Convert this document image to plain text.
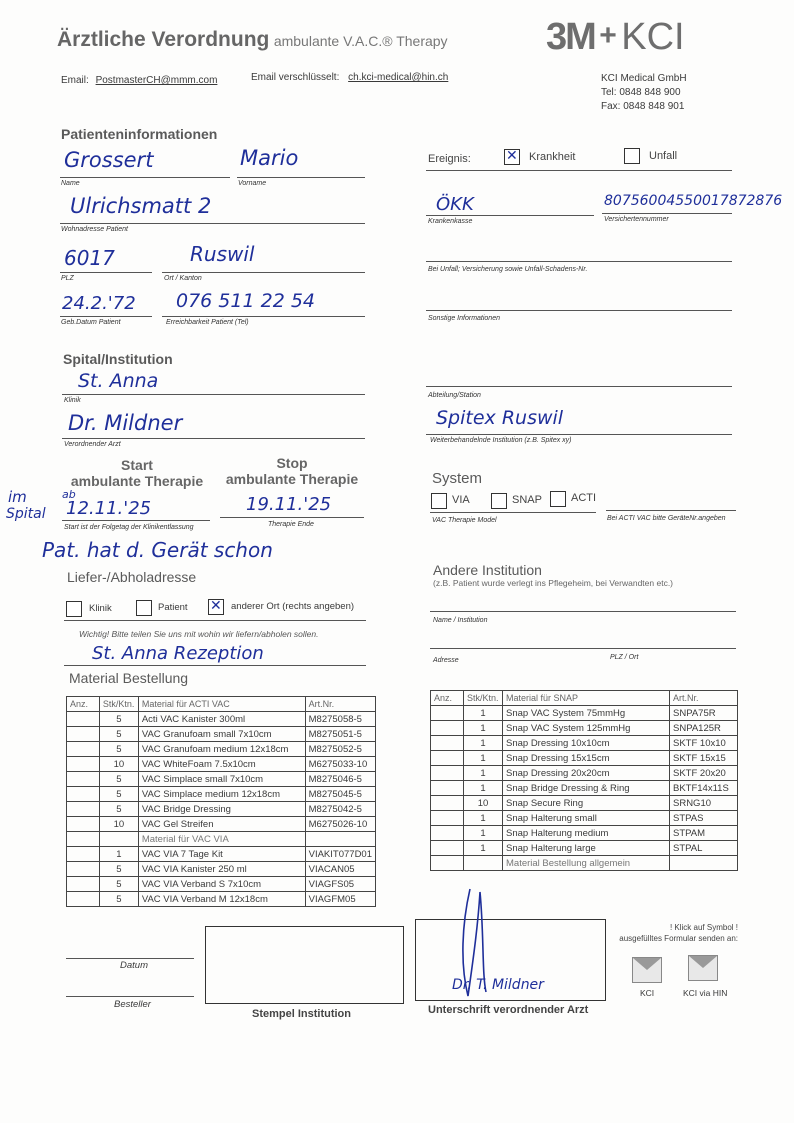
Ärztliche Verordnung ambulante V.A.C.® Therapy	3M + KCI
Email: PostmasterCH@mmm.com	Email verschlüsselt: ch.kci-medical@hin.ch	KCI Medical GmbH
Tel: 0848 848 900
Fax: 0848 848 901
Patienteninformationen
Grossert
Name
Mario
Vorname
Ulrichsmatt 2
Wohnadresse Patient
6017
PLZ
Ruswil
Ort / Kanton
24.2.'72
Geb.Datum Patient
076 511 22 54
Erreichbarkeit Patient (Tel)
Ereignis: ✕	Krankheit	Unfall
ÖKK
Krankenkasse
80756004550017872876
Versichertennummer
Bei Unfall; Versicherung sowie Unfall-Schadens-Nr.
Sonstige Informationen
Spital/Institution
St. Anna
Klinik
Dr. Mildner
Verordnender Arzt
Abteilung/Station
Spitex Ruswil
Weiterbehandelnde Institution (z.B. Spitex xy)
Start
ambulante Therapie
Stop
ambulante Therapie
im
Spital
ab
12.11.'25
Start ist der Folgetag der Klinikentlassung
19.11.'25
Therapie Ende
Pat. hat d. Gerät schon
System
VIA	SNAP	ACTI
VAC Therapie Model	Bei ACTI VAC bitte GeräteNr.angeben
Liefer-/Abholadresse
Klinik	Patient ✕	anderer Ort (rechts angeben)
Wichtig! Bitte teilen Sie uns mit wohin wir liefern/abholen sollen.
St. Anna Rezeption
Andere Institution
(z.B. Patient wurde verlegt ins Pflegeheim, bei Verwandten etc.)
Name / Institution
Adresse	PLZ / Ort
Material Bestellung
Anz.	Stk/Ktn.	Material für ACTI VAC	Art.Nr.
	5	Acti VAC Kanister 300ml	M8275058-5
	5	VAC Granufoam small 7x10cm	M8275051-5
	5	VAC Granufoam medium 12x18cm	M8275052-5
	10	VAC WhiteFoam 7.5x10cm	M6275033-10
	5	VAC Simplace small 7x10cm	M8275046-5
	5	VAC Simplace medium 12x18cm	M8275045-5
	5	VAC Bridge Dressing	M8275042-5
	10	VAC Gel Streifen	M6275026-10
		Material für VAC VIA	
	1	VAC VIA 7 Tage Kit	VIAKIT077D01
	5	VAC VIA Kanister 250 ml	VIACAN05
	5	VAC VIA Verband S 7x10cm	VIAGFS05
	5	VAC VIA Verband M 12x18cm	VIAGFM05
Anz.	Stk/Ktn.	Material für SNAP	Art.Nr.
	1	Snap VAC System 75mmHg	SNPA75R
	1	Snap VAC System 125mmHg	SNPA125R
	1	Snap Dressing 10x10cm	SKTF 10x10
	1	Snap Dressing 15x15cm	SKTF 15x15
	1	Snap Dressing 20x20cm	SKTF 20x20
	1	Snap Bridge Dressing & Ring	BKTF14x11S
	10	Snap Secure Ring	SRNG10
	1	Snap Halterung small	STPAS
	1	Snap Halterung medium	STPAM
	1	Snap Halterung large	STPAL
		Material Bestellung allgemein	
Datum
Besteller
Stempel Institution
Dr. T. Mildner
Unterschrift verordnender Arzt
! Klick auf Symbol !
ausgefülltes Formular senden an:
KCI	KCI via HIN
